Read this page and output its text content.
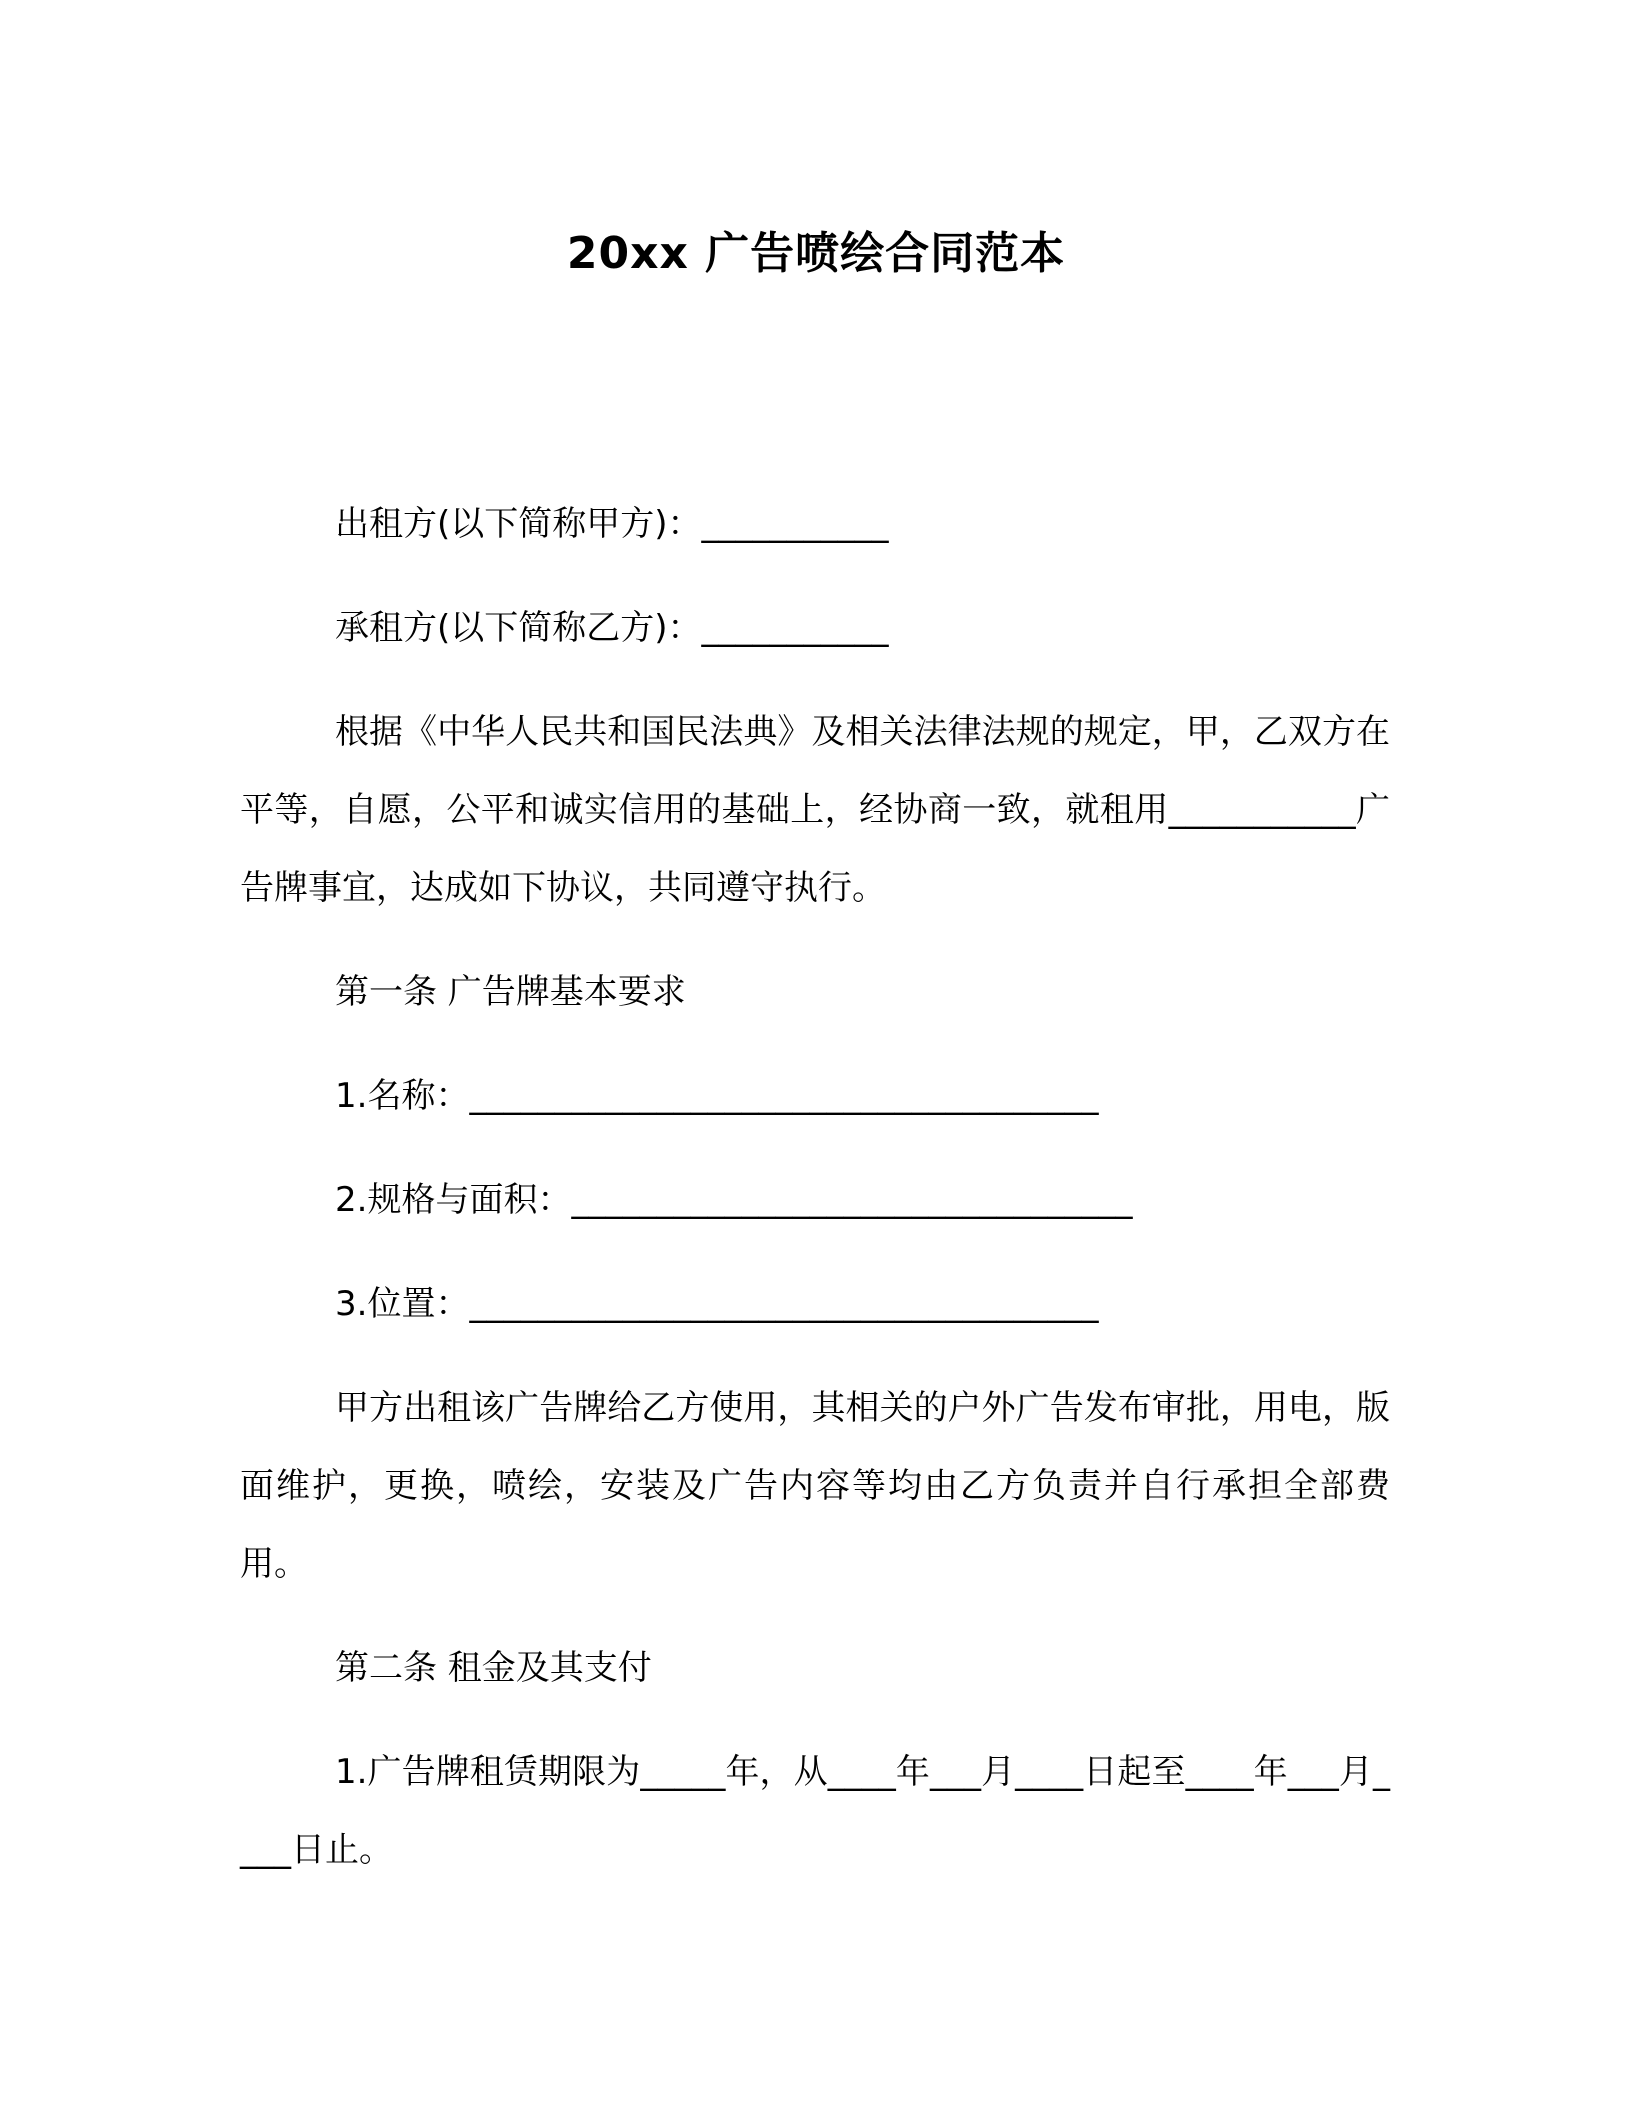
20xx 广告喷绘合同范本

出租方(以下简称甲方)：___________

承租方(以下简称乙方)：___________

根据《中华人民共和国民法典》及相关法律法规的规定，甲，乙双方在平等，自愿，公平和诚实信用的基础上，经协商一致，就租用___________广告牌事宜，达成如下协议，共同遵守执行。

第一条 广告牌基本要求

1.名称：_____________________________________

2.规格与面积：_________________________________

3.位置：_____________________________________

甲方出租该广告牌给乙方使用，其相关的户外广告发布审批，用电，版面维护，更换，喷绘，安装及广告内容等均由乙方负责并自行承担全部费用。

第二条 租金及其支付

1.广告牌租赁期限为_____年，从____年___月____日起至____年___月____日止。
